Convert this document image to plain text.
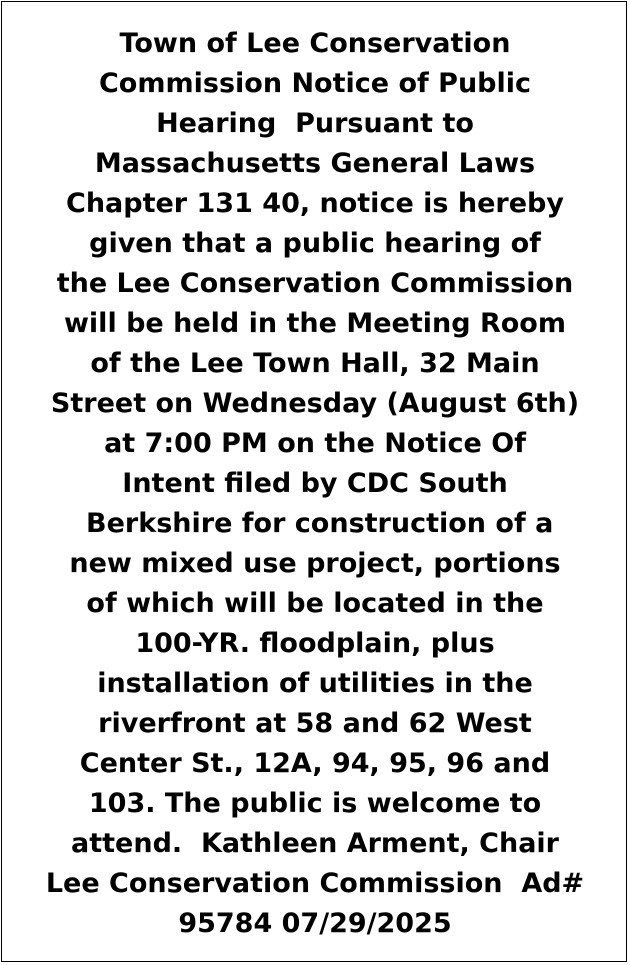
Town of Lee Conservation
Commission Notice of Public
Hearing  Pursuant to
Massachusetts General Laws
Chapter 131 40, notice is hereby
given that a public hearing of
the Lee Conservation Commission
will be held in the Meeting Room
of the Lee Town Hall, 32 Main
Street on Wednesday (August 6th)
at 7:00 PM on the Notice Of
Intent filed by CDC South
Berkshire for construction of a
new mixed use project, portions
of which will be located in the
100-YR. floodplain, plus
installation of utilities in the
riverfront at 58 and 62 West
Center St., 12A, 94, 95, 96 and
103. The public is welcome to
attend.  Kathleen Arment, Chair
Lee Conservation Commission  Ad#
95784 07/29/2025
